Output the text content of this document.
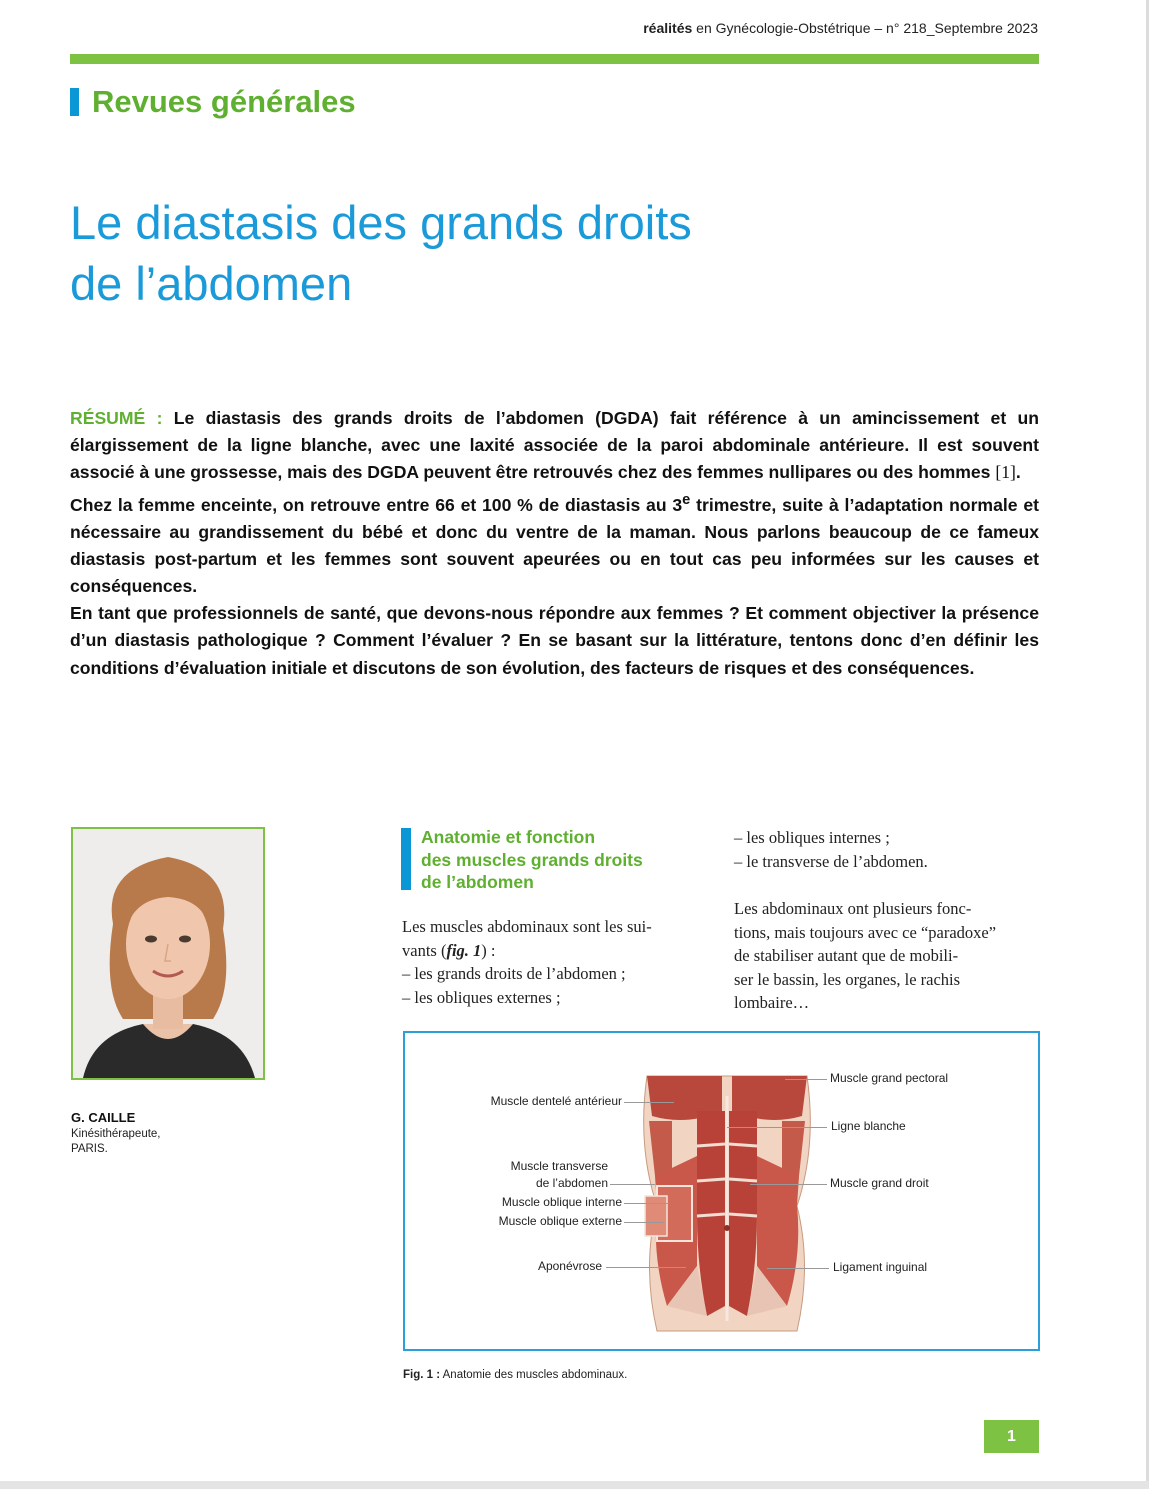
réalités en Gynécologie-Obstétrique – n° 218_Septembre 2023
Revues générales
Le diastasis des grands droits
de l’abdomen

RÉSUMÉ : Le diastasis des grands droits de l’abdomen (DGDA) fait référence à un amincissement et un élargissement de la ligne blanche, avec une laxité associée de la paroi abdominale antérieure. Il est souvent associé à une grossesse, mais des DGDA peuvent être retrouvés chez des femmes nullipares ou des hommes [1].

Chez la femme enceinte, on retrouve entre 66 et 100 % de diastasis au 3e trimestre, suite à l’adaptation normale et nécessaire au grandissement du bébé et donc du ventre de la maman. Nous parlons beaucoup de ce fameux diastasis post-partum et les femmes sont souvent apeurées ou en tout cas peu informées sur les causes et conséquences.

En tant que professionnels de santé, que devons-nous répondre aux femmes ? Et comment objectiver la présence d’un diastasis pathologique ? Comment l’évaluer ? En se basant sur la littérature, tentons donc d’en définir les conditions d’évaluation initiale et discutons de son évolution, des facteurs de risques et des conséquences.

G. CAILLE
Kinésithérapeute,
PARIS.
Anatomie et fonction
des muscles grands droits
de l’abdomen

Les muscles abdominaux sont les sui-

vants (fig. 1) :

– les grands droits de l’abdomen ;

– les obliques externes ;

– les obliques internes ;

– le transverse de l’abdomen.

Les abdominaux ont plusieurs fonc-

tions, mais toujours avec ce “paradoxe”

de stabiliser autant que de mobili-

ser le bassin, les organes, le rachis

lombaire…

Muscle dentelé antérieur
Muscle transverse
de l’abdomen
Muscle oblique interne
Muscle oblique externe
Aponévrose
Muscle grand pectoral
Ligne blanche
Muscle grand droit
Ligament inguinal
Fig. 1 : Anatomie des muscles abdominaux.
1
